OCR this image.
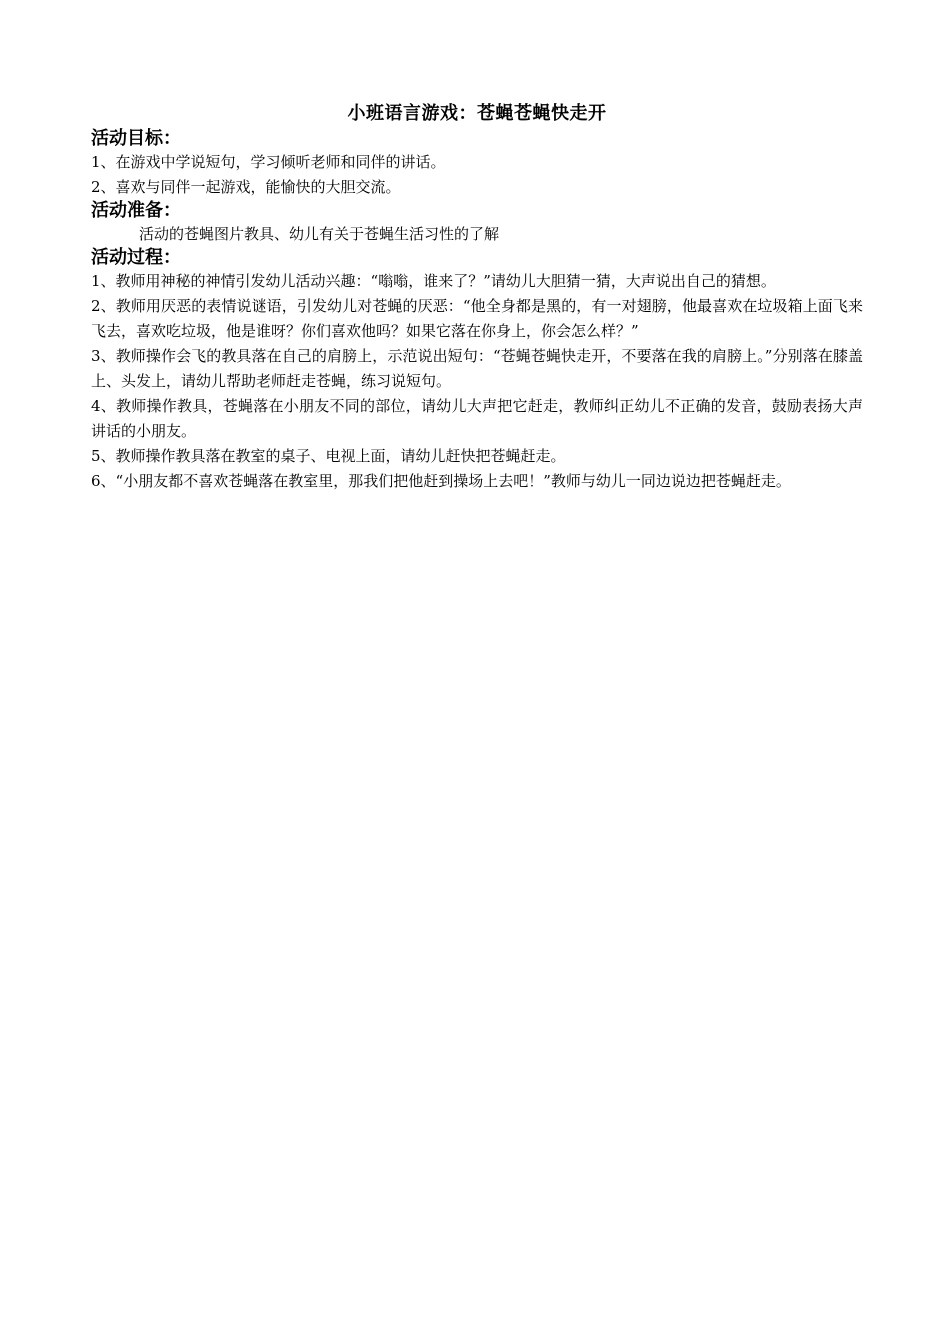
小班语言游戏：苍蝇苍蝇快走开
活动目标：

1、在游戏中学说短句，学习倾听老师和同伴的讲话。

2、喜欢与同伴一起游戏，能愉快的大胆交流。

活动准备：

活动的苍蝇图片教具、幼儿有关于苍蝇生活习性的了解

活动过程：

1、教师用神秘的神情引发幼儿活动兴趣：“嗡嗡，谁来了？”请幼儿大胆猜一猜，大声说出自己的猜想。

2、教师用厌恶的表情说谜语，引发幼儿对苍蝇的厌恶：“他全身都是黑的，有一对翅膀，他最喜欢在垃圾箱上面飞来飞去，喜欢吃垃圾，他是谁呀？你们喜欢他吗？如果它落在你身上，你会怎么样？”

3、教师操作会飞的教具落在自己的肩膀上，示范说出短句：“苍蝇苍蝇快走开，不要落在我的肩膀上。”分别落在膝盖上、头发上，请幼儿帮助老师赶走苍蝇，练习说短句。

4、教师操作教具，苍蝇落在小朋友不同的部位，请幼儿大声把它赶走，教师纠正幼儿不正确的发音，鼓励表扬大声讲话的小朋友。

5、教师操作教具落在教室的桌子、电视上面，请幼儿赶快把苍蝇赶走。

6、“小朋友都不喜欢苍蝇落在教室里，那我们把他赶到操场上去吧！”教师与幼儿一同边说边把苍蝇赶走。
